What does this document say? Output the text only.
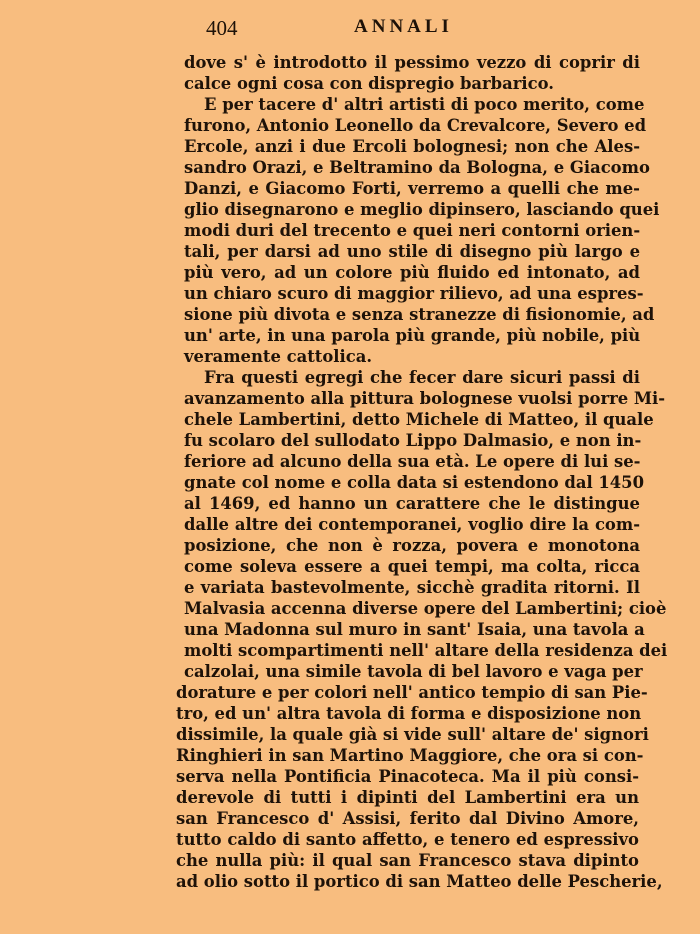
404	ANNALI
dove s' è introdotto il pessimo vezzo di coprir di
calce ogni cosa con dispregio barbarico.
E per tacere d' altri artisti di poco merito, come
furono, Antonio Leonello da Crevalcore, Severo ed
Ercole, anzi i due Ercoli bolognesi; non che Ales-
sandro Orazi, e Beltramino da Bologna, e Giacomo
Danzi, e Giacomo Forti, verremo a quelli che me-
glio disegnarono e meglio dipinsero, lasciando quei
modi duri del trecento e quei neri contorni orien-
tali, per darsi ad uno stile di disegno più largo e
più vero, ad un colore più fluido ed intonato, ad
un chiaro scuro di maggior rilievo, ad una espres-
sione più divota e senza stranezze di fisionomie, ad
un' arte, in una parola più grande, più nobile, più
veramente cattolica.
Fra questi egregi che fecer dare sicuri passi di
avanzamento alla pittura bolognese vuolsi porre Mi-
chele Lambertini, detto Michele di Matteo, il quale
fu scolaro del sullodato Lippo Dalmasio, e non in-
feriore ad alcuno della sua età. Le opere di lui se-
gnate col nome e colla data si estendono dal 1450
al 1469, ed hanno un carattere che le distingue
dalle altre dei contemporanei, voglio dire la com-
posizione, che non è rozza, povera e monotona
come soleva essere a quei tempi, ma colta, ricca
e variata bastevolmente, sicchè gradita ritorni. Il
Malvasia accenna diverse opere del Lambertini; cioè
una Madonna sul muro in sant' Isaia, una tavola a
molti scompartimenti nell' altare della residenza dei
calzolai, una simile tavola di bel lavoro e vaga per
dorature e per colori nell' antico tempio di san Pie-
tro, ed un' altra tavola di forma e disposizione non
dissimile, la quale già si vide sull' altare de' signori
Ringhieri in san Martino Maggiore, che ora si con-
serva nella Pontificia Pinacoteca. Ma il più consi-
derevole di tutti i dipinti del Lambertini era un
san Francesco d' Assisi, ferito dal Divino Amore,
tutto caldo di santo affetto, e tenero ed espressivo
che nulla più: il qual san Francesco stava dipinto
ad olio sotto il portico di san Matteo delle Pescherie,
